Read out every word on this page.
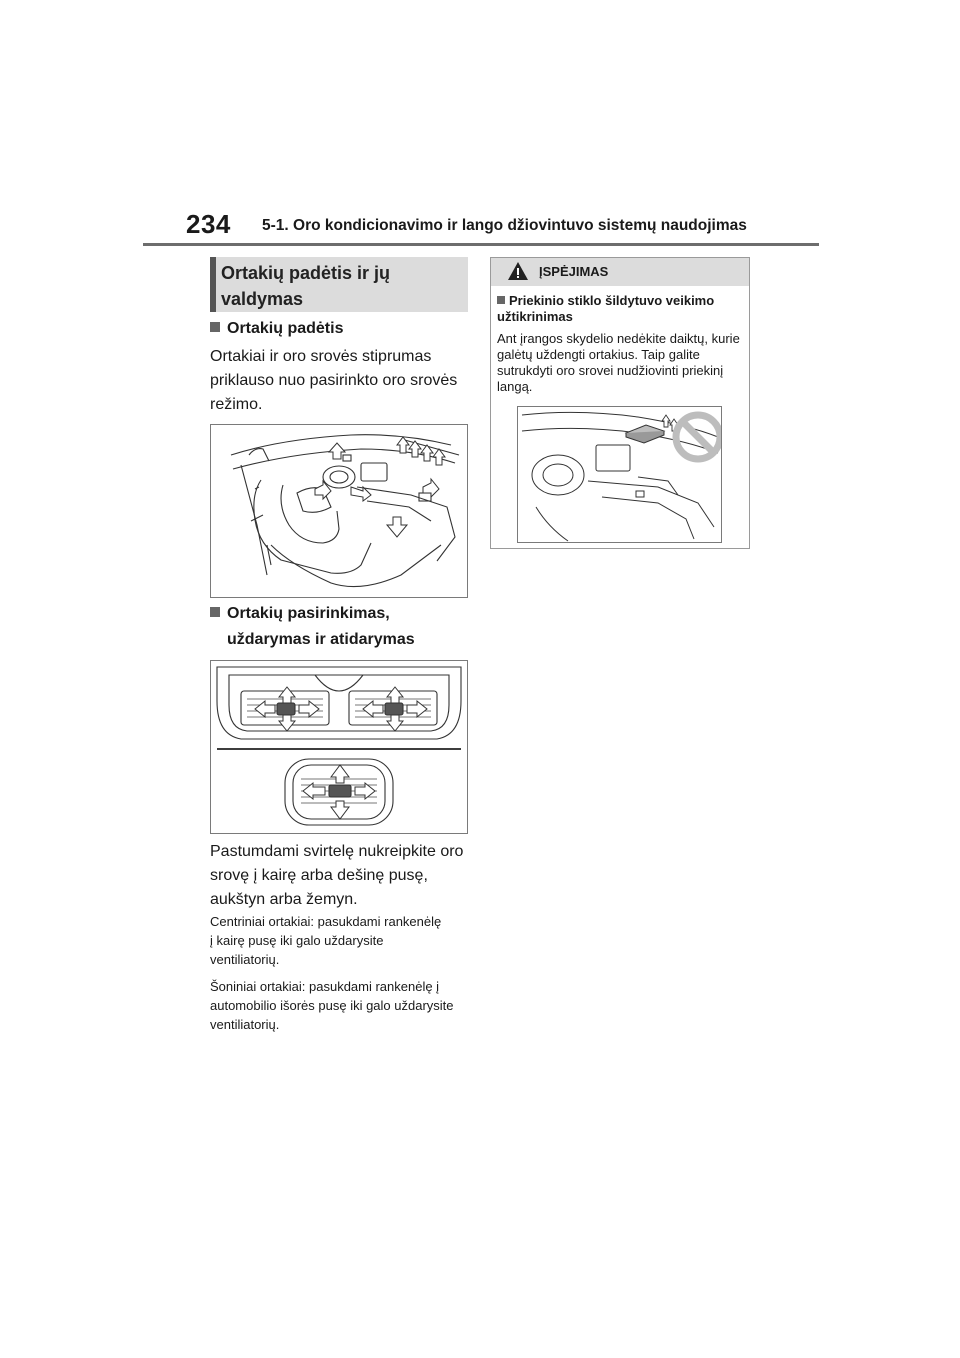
234 5-1. Oro kondicionavimo ir lango džiovintuvo sistemų naudojimas
Ortakių padėtis ir jų valdymas
Ortakių padėtis
Ortakiai ir oro srovės stiprumas priklauso nuo pasirinkto oro srovės režimo.
Ortakių pasirinkimas, uždarymas ir atidarymas
Pastumdami svirtelę nukreipkite oro srovę į kairę arba dešinę pusę, aukštyn arba žemyn.
Centriniai ortakiai: pasukdami rankenėlę į kairę pusę iki galo uždarysite ventiliatorių.
Šoniniai ortakiai: pasukdami rankenėlę į automobilio išorės pusę iki galo uždarysite ventiliatorių.
ĮSPĖJIMAS
Priekinio stiklo šildytuvo veikimo užtikrinimas
Ant įrangos skydelio nedėkite daiktų, kurie galėtų uždengti ortakius. Taip galite sutrukdyti oro srovei nudžiovinti priekinį langą.
